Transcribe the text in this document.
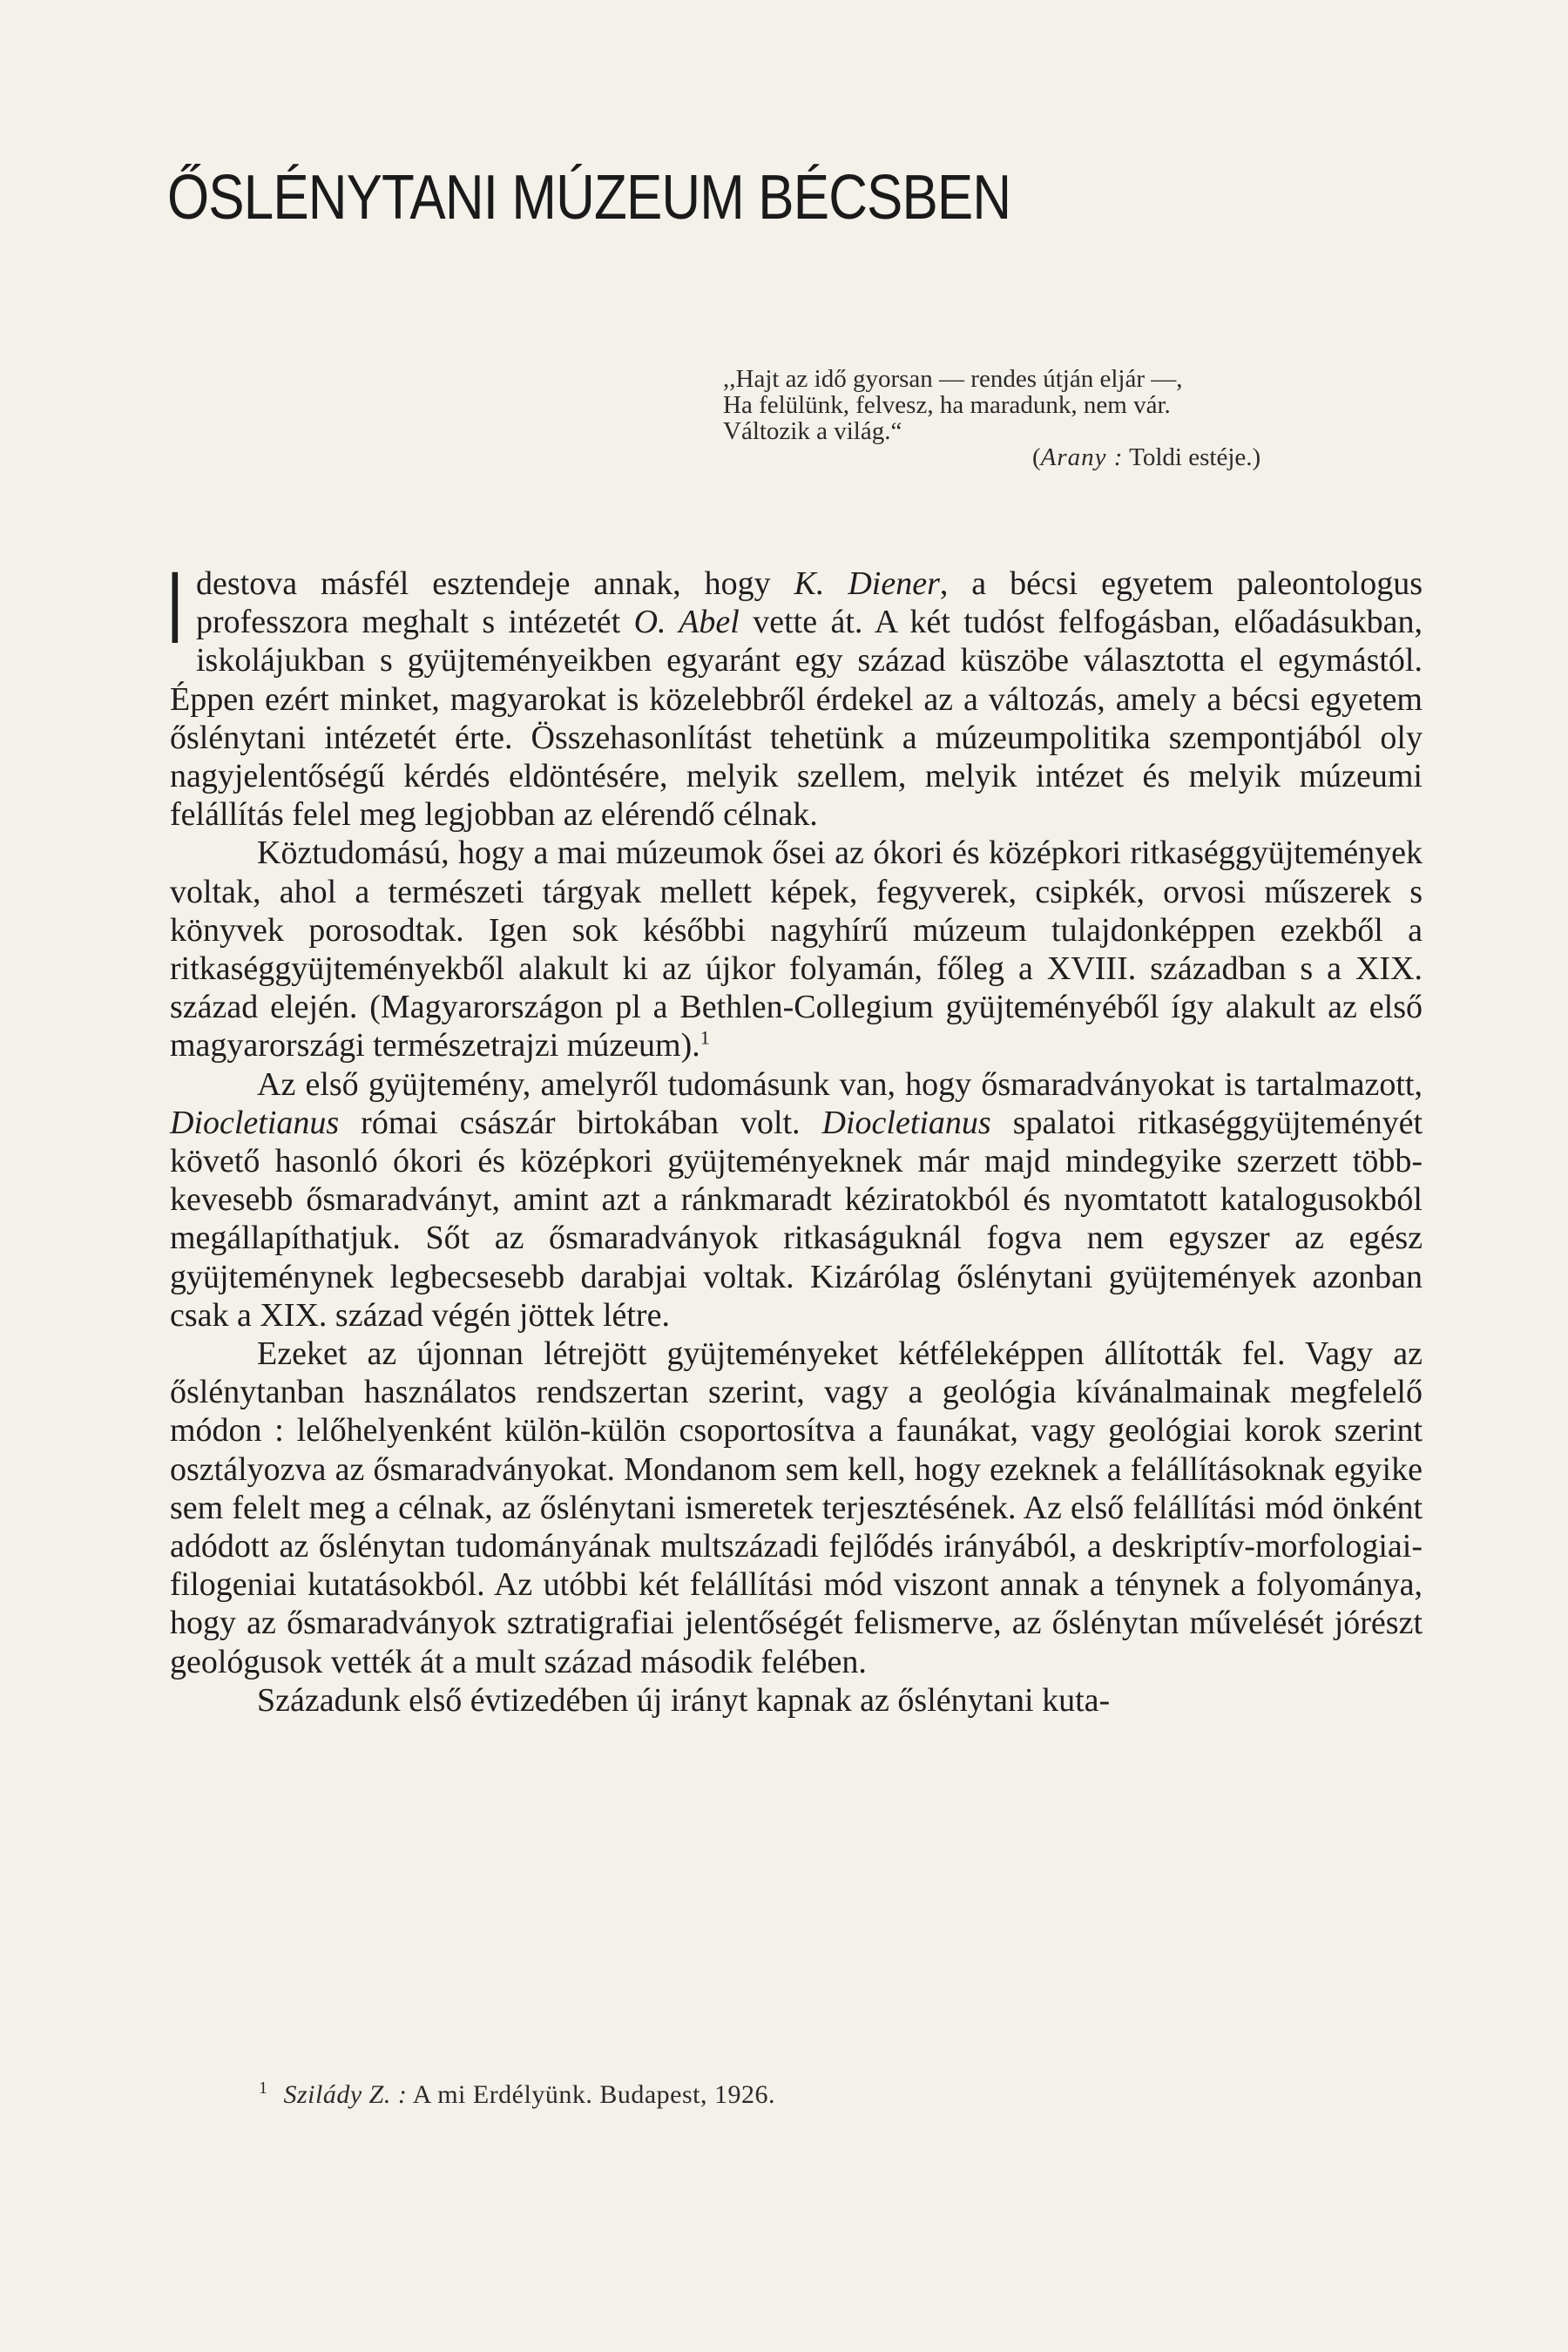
ŐSLÉNYTANI MÚZEUM BÉCSBEN
,,Hajt az idő gyorsan — rendes útján eljár —,
Ha felülünk, felvesz, ha maradunk, nem vár.
Változik a világ.“
(Arany : Toldi estéje.)

Idestova másfél esztendeje annak, hogy K. Diener, a bécsi egyetem paleontologus professzora meghalt s intézetét O. Abel vette át. A két tudóst felfogásban, előadásukban, iskolájukban s gyüjteményeikben egyaránt egy század küszöbe választotta el egymástól. Éppen ezért minket, magyarokat is közelebbről érdekel az a változás, amely a bécsi egyetem őslénytani intézetét érte. Összehasonlítást tehetünk a múzeumpolitika szempontjából oly nagyjelentőségű kérdés eldöntésére, melyik szellem, melyik intézet és melyik múzeumi felállítás felel meg legjobban az elérendő célnak.

Köztudomású, hogy a mai múzeumok ősei az ókori és középkori ritkaséggyüjtemények voltak, ahol a természeti tárgyak mellett képek, fegyverek, csipkék, orvosi műszerek s könyvek porosodtak. Igen sok későbbi nagyhírű múzeum tulajdonképpen ezekből a ritkaséggyüjteményekből alakult ki az újkor folyamán, főleg a XVIII. században s a XIX. század elején. (Magyarországon pl a Bethlen-Collegium gyüjteményéből így alakult az első magyarországi természetrajzi múzeum).$^1$

Az első gyüjtemény, amelyről tudomásunk van, hogy ősmaradványokat is tartalmazott, Diocletianus római császár birtokában volt. Diocletianus spalatoi ritkaséggyüjteményét követő hasonló ókori és középkori gyüjteményeknek már majd mindegyike szerzett több-kevesebb ősmaradványt, amint azt a ránkmaradt kéziratokból és nyomtatott katalogusokból megállapíthatjuk. Sőt az ősmaradványok ritkaságuknál fogva nem egyszer az egész gyüjteménynek legbecsesebb darabjai voltak. Kizárólag őslénytani gyüjtemények azonban csak a XIX. század végén jöttek létre.

Ezeket az újonnan létrejött gyüjteményeket kétféleképpen állították fel. Vagy az őslénytanban használatos rendszertan szerint, vagy a geológia kívánalmainak megfelelő módon : lelőhelyenként külön-külön csoportosítva a faunákat, vagy geológiai korok szerint osztályozva az ősmaradványokat. Mondanom sem kell, hogy ezeknek a felállításoknak egyike sem felelt meg a célnak, az őslénytani ismeretek terjesztésének. Az első felállítási mód önként adódott az őslénytan tudományának multszázadi fejlődés irányából, a deskriptív-morfologiai-filogeniai kutatásokból. Az utóbbi két felállítási mód viszont annak a ténynek a folyománya, hogy az ősmaradványok sztratigrafiai jelentőségét felismerve, az őslénytan művelését jórészt geológusok vették át a mult század második felében.

Századunk első évtizedében új irányt kapnak az őslénytani kuta-

$^1$ Szilády Z. : A mi Erdélyünk. Budapest, 1926.
